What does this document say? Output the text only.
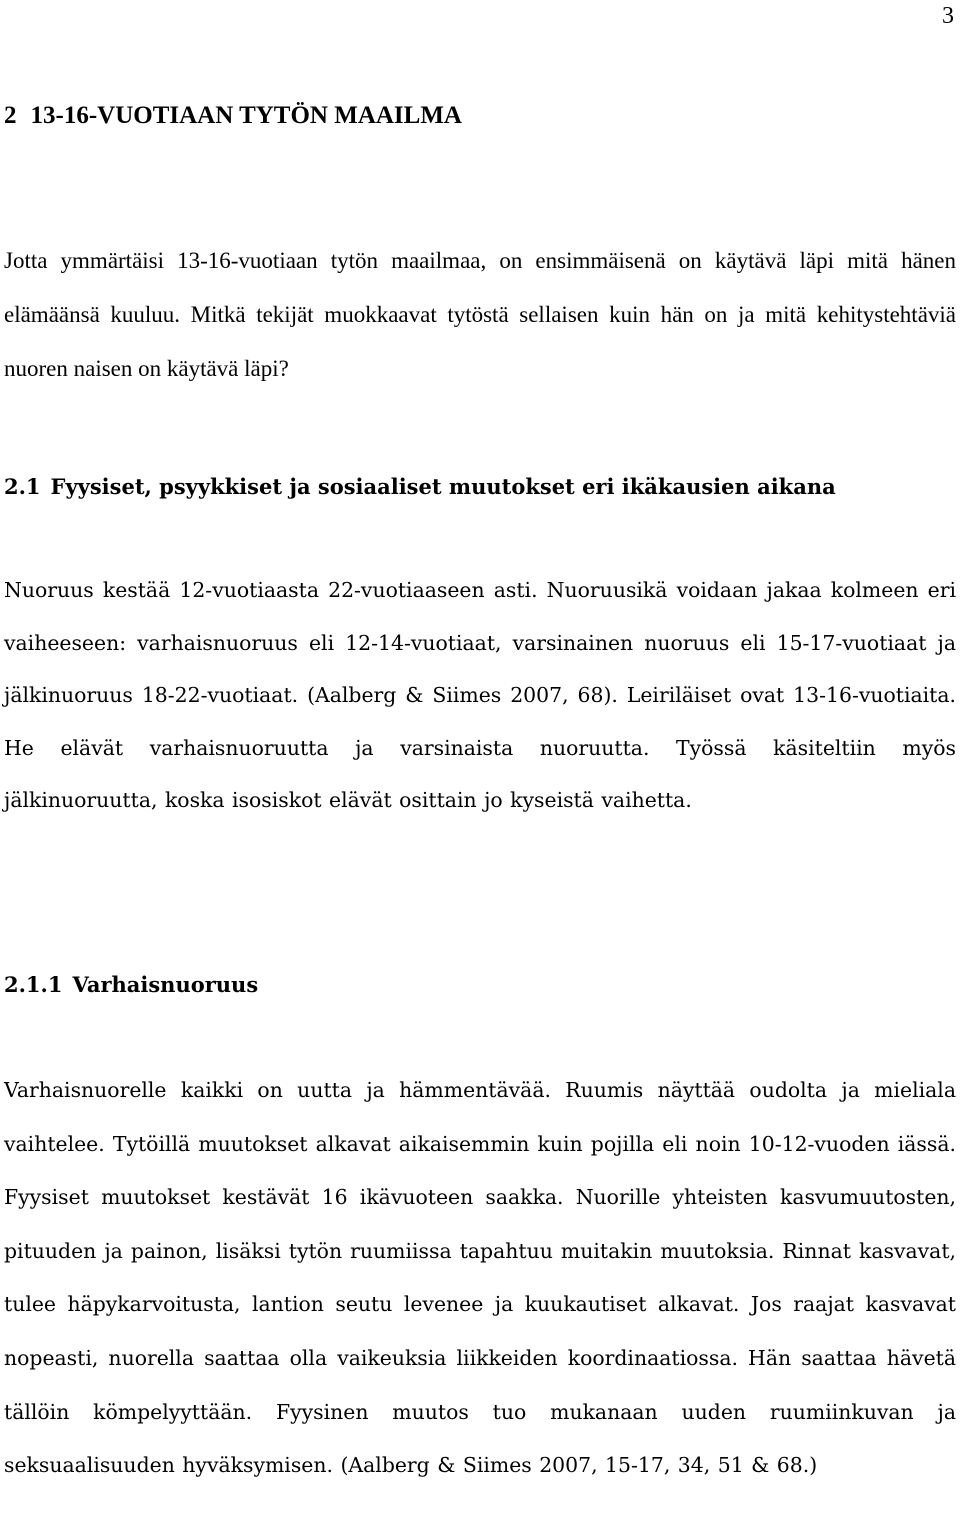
3
2 13-16-VUOTIAAN TYTÖN MAAILMA

Jotta ymmärtäisi 13-16-vuotiaan tytön maailmaa, on ensimmäisenä on käytävä läpi mitä hänen elämäänsä kuuluu. Mitkä tekijät muokkaavat tytöstä sellaisen kuin hän on ja mitä kehitystehtäviä nuoren naisen on käytävä läpi?

2.1 Fyysiset, psyykkiset ja sosiaaliset muutokset eri ikäkausien aikana

Nuoruus kestää 12-vuotiaasta 22-vuotiaaseen asti. Nuoruusikä voidaan jakaa kolmeen eri vaiheeseen: varhaisnuoruus eli 12-14-vuotiaat, varsinainen nuoruus eli 15-17-vuotiaat ja jälkinuoruus 18-22-vuotiaat. (Aalberg & Siimes 2007, 68). Leiriläiset ovat 13-16-vuotiaita. He elävät varhaisnuoruutta ja varsinaista nuoruutta. Työssä käsiteltiin myös jälkinuoruutta, koska isosiskot elävät osittain jo kyseistä vaihetta.

2.1.1 Varhaisnuoruus

Varhaisnuorelle kaikki on uutta ja hämmentävää. Ruumis näyttää oudolta ja mieliala vaihtelee. Tytöillä muutokset alkavat aikaisemmin kuin pojilla eli noin 10-12-vuoden iässä. Fyysiset muutokset kestävät 16 ikävuoteen saakka. Nuorille yhteisten kasvumuutosten, pituuden ja painon, lisäksi tytön ruumiissa tapahtuu muitakin muutoksia. Rinnat kasvavat, tulee häpykarvoitusta, lantion seutu levenee ja kuukautiset alkavat. Jos raajat kasvavat nopeasti, nuorella saattaa olla vaikeuksia liikkeiden koordinaatiossa. Hän saattaa hävetä tällöin kömpelyyttään. Fyysinen muutos tuo mukanaan uuden ruumiinkuvan ja seksuaalisuuden hyväksymisen. (Aalberg & Siimes 2007, 15-17, 34, 51 & 68.)
